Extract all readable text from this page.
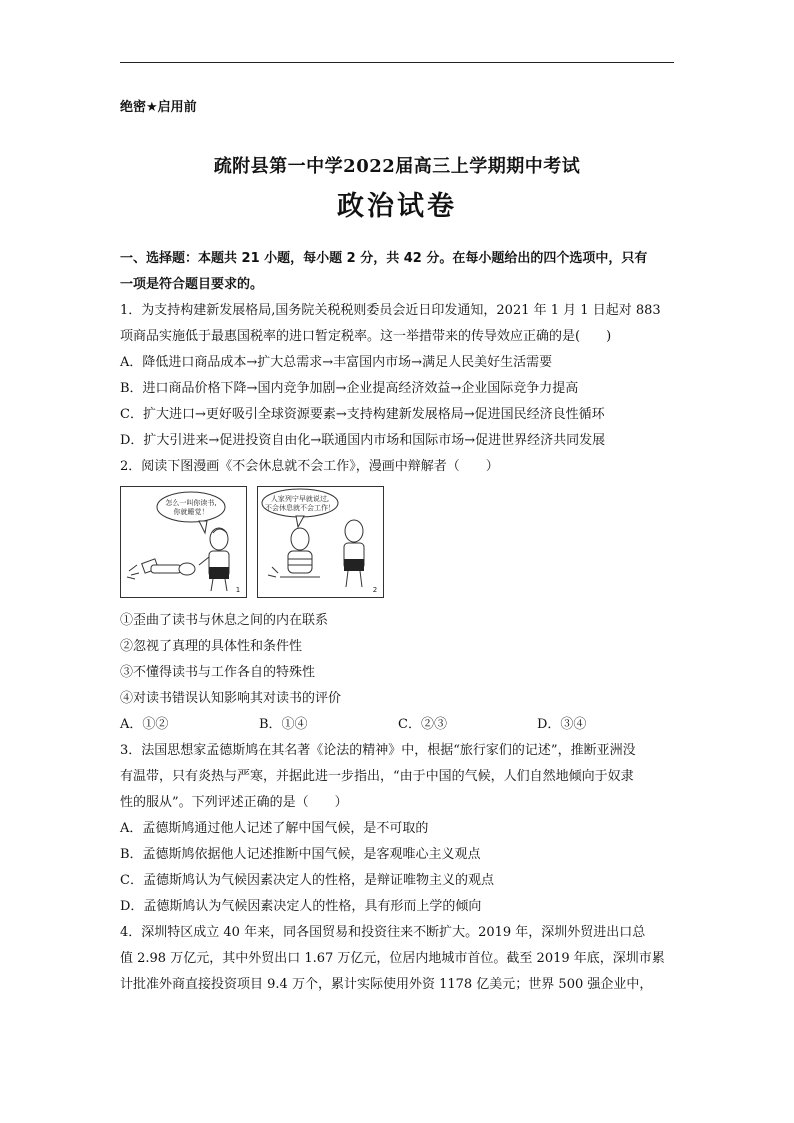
绝密★启用前
疏附县第一中学2022届高三上学期期中考试
政治试卷
一、选择题：本题共 21 小题，每小题 2 分，共 42 分。在每小题给出的四个选项中，只有
一项是符合题目要求的。
1．为支持构建新发展格局,国务院关税税则委员会近日印发通知，2021 年 1 月 1 日起对 883
项商品实施低于最惠国税率的进口暂定税率。这一举措带来的传导效应正确的是(　　)
A．降低进口商品成本→扩大总需求→丰富国内市场→满足人民美好生活需要
B．进口商品价格下降→国内竞争加剧→企业提高经济效益→企业国际竞争力提高
C．扩大进口→更好吸引全球资源要素→支持构建新发展格局→促进国民经济良性循环
D．扩大引进来→促进投资自由化→联通国内市场和国际市场→促进世界经济共同发展
2．阅读下图漫画《不会休息就不会工作》，漫画中辩解者（　　）
怎么一叫你读书,
你就睡觉！
1
人家列宁早就说过,
不会休息就不会工作！
2
①歪曲了读书与休息之间的内在联系
②忽视了真理的具体性和条件性
③不懂得读书与工作各自的特殊性
④对读书错误认知影响其对读书的评价
A．①②	B．①④	C．②③	D．③④
3．法国思想家孟德斯鸠在其名著《论法的精神》中，根据“旅行家们的记述”，推断亚洲没
有温带，只有炎热与严寒，并据此进一步指出，“由于中国的气候，人们自然地倾向于奴隶
性的服从”。下列评述正确的是（　　）
A．孟德斯鸠通过他人记述了解中国气候，是不可取的
B．孟德斯鸠依据他人记述推断中国气候，是客观唯心主义观点
C．孟德斯鸠认为气候因素决定人的性格，是辩证唯物主义的观点
D．孟德斯鸠认为气候因素决定人的性格，具有形而上学的倾向
4．深圳特区成立 40 年来，同各国贸易和投资往来不断扩大。2019 年，深圳外贸进出口总
值 2.98 万亿元，其中外贸出口 1.67 万亿元，位居内地城市首位。截至 2019 年底，深圳市累
计批准外商直接投资项目 9.4 万个，累计实际使用外资 1178 亿美元；世界 500 强企业中，
